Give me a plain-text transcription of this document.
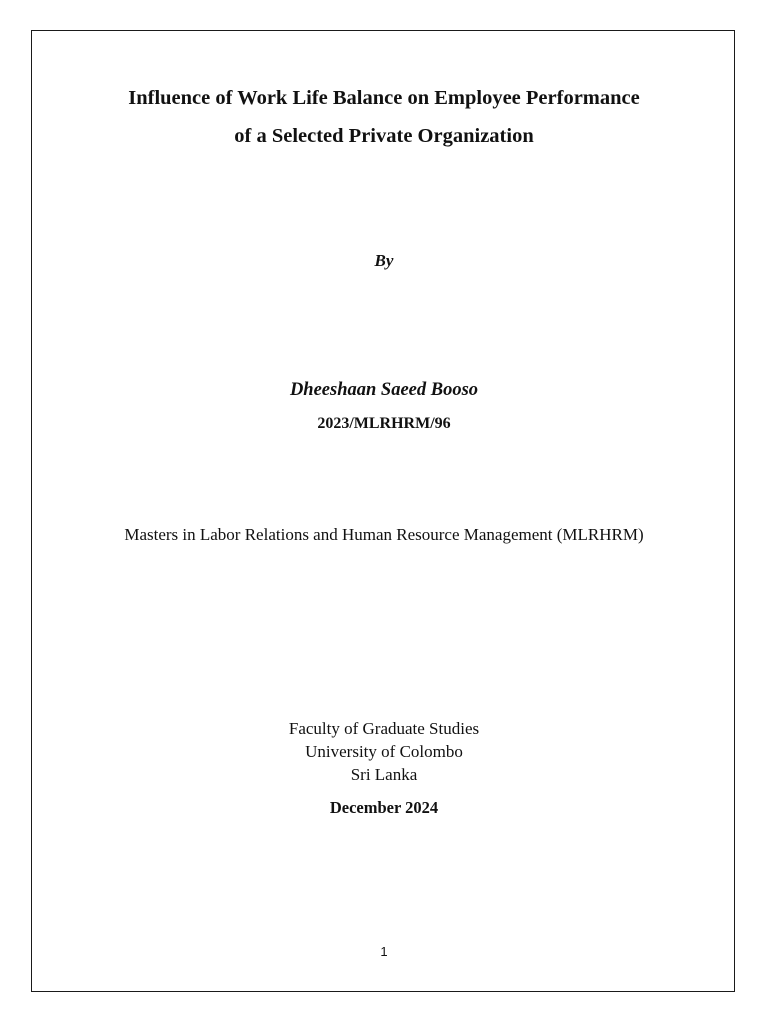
Influence of Work Life Balance on Employee Performance
of a Selected Private Organization
By
Dheeshaan Saeed Booso
2023/MLRHRM/96
Masters in Labor Relations and Human Resource Management (MLRHRM)
Faculty of Graduate Studies
University of Colombo
Sri Lanka
December 2024
1
